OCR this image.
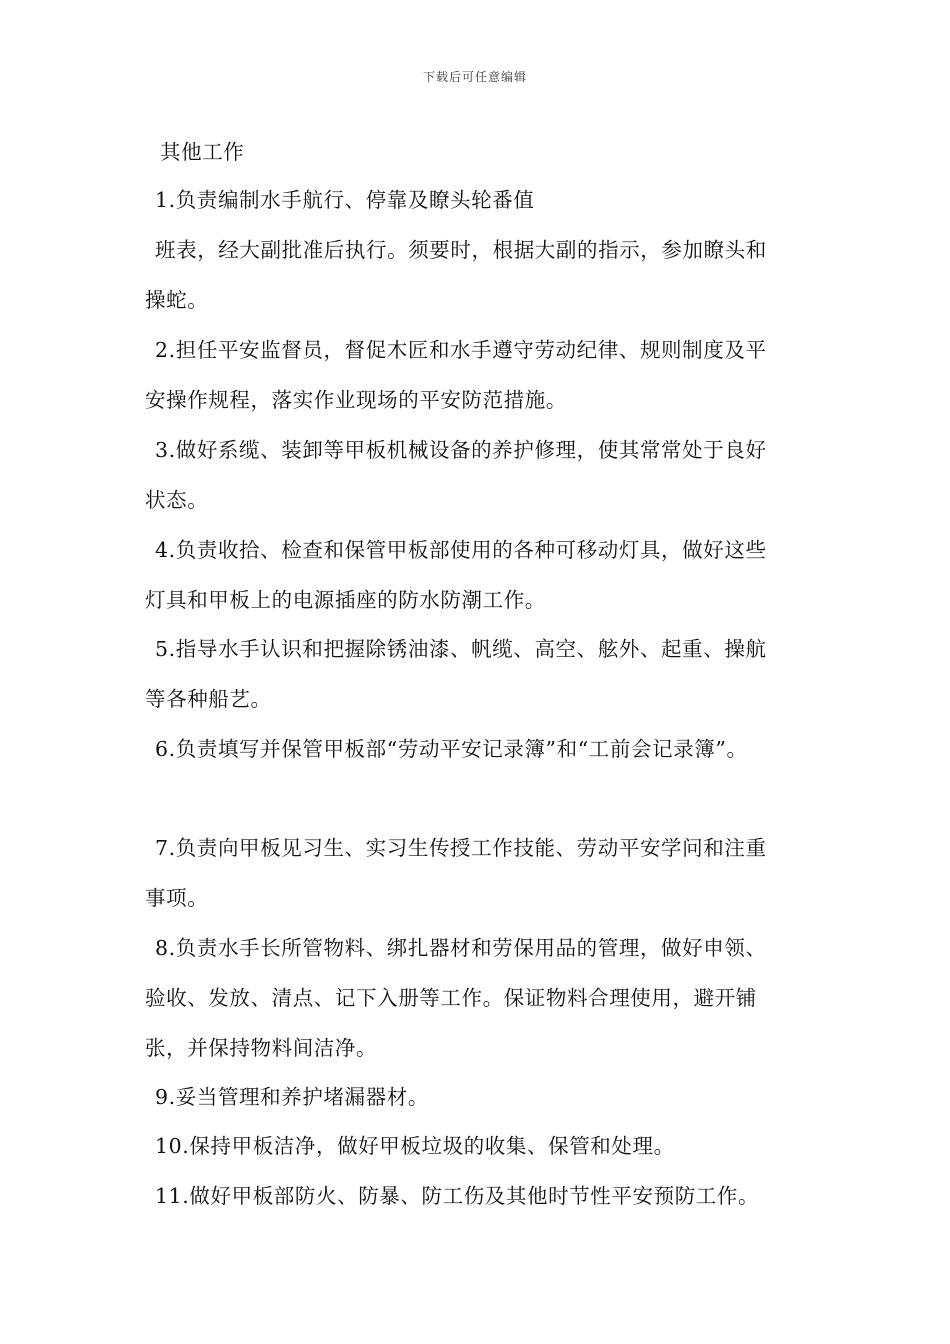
下载后可任意编辑
其他工作
1.负责编制水手航行、停靠及瞭头轮番值
班表，经大副批准后执行。须要时，根据大副的指示，参加瞭头和
操蛇。
2.担任平安监督员，督促木匠和水手遵守劳动纪律、规则制度及平
安操作规程，落实作业现场的平安防范措施。
3.做好系缆、装卸等甲板机械设备的养护修理，使其常常处于良好
状态。
4.负责收拾、检查和保管甲板部使用的各种可移动灯具，做好这些
灯具和甲板上的电源插座的防水防潮工作。
5.指导水手认识和把握除锈油漆、帆缆、高空、舷外、起重、操航
等各种船艺。
6.负责填写并保管甲板部“劳动平安记录簿”和“工前会记录簿”。
7.负责向甲板见习生、实习生传授工作技能、劳动平安学问和注重
事项。
8.负责水手长所管物料、绑扎器材和劳保用品的管理，做好申领、
验收、发放、清点、记下入册等工作。保证物料合理使用，避开铺
张，并保持物料间洁净。
9.妥当管理和养护堵漏器材。
10.保持甲板洁净，做好甲板垃圾的收集、保管和处理。
11.做好甲板部防火、防暴、防工伤及其他时节性平安预防工作。
